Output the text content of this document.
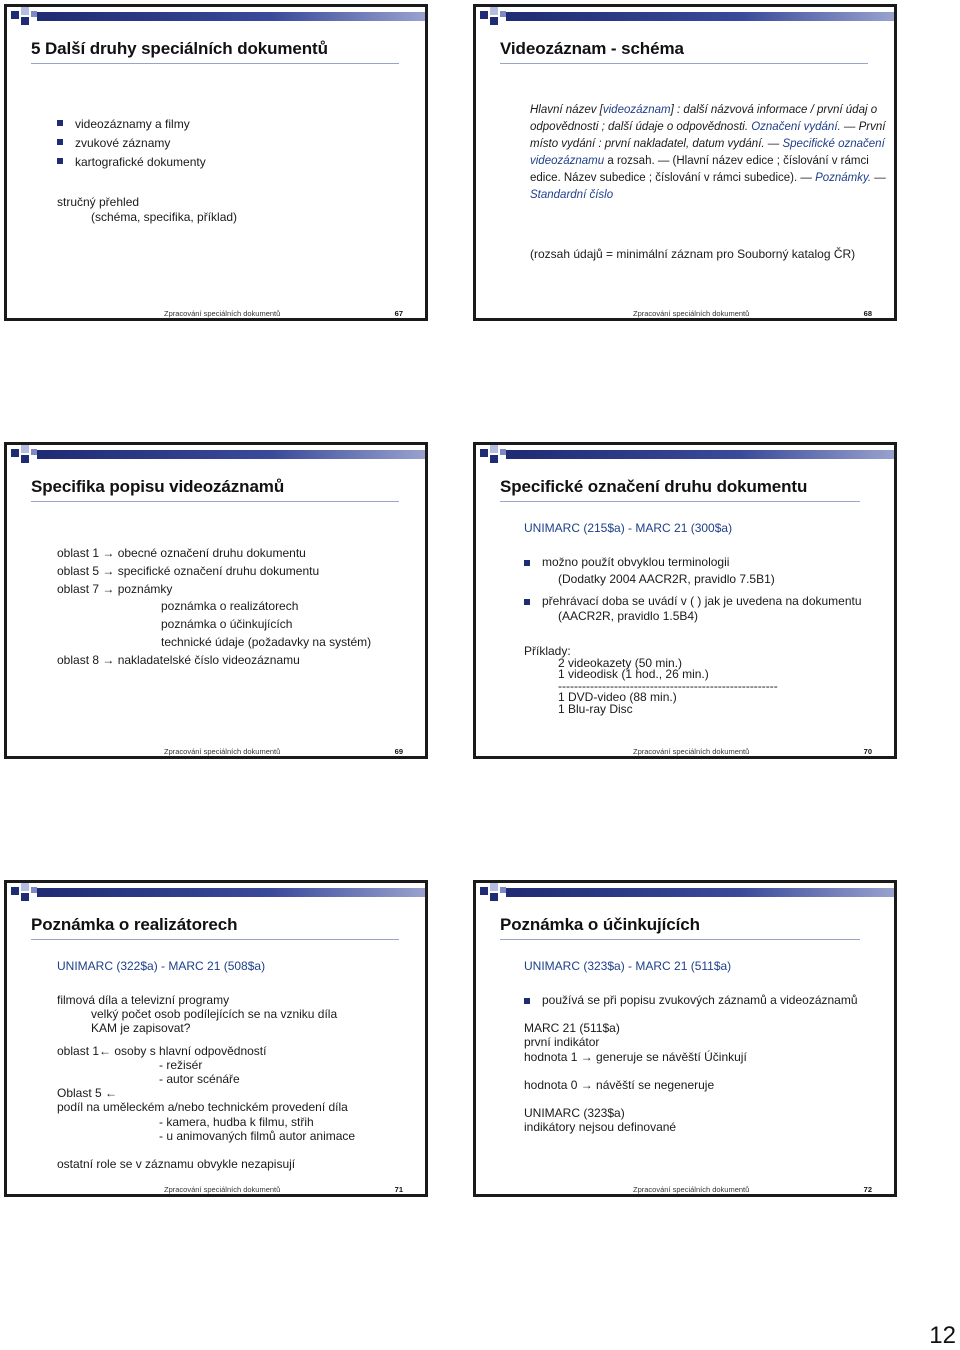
5 Další druhy speciálních dokumentů
videozáznamy a filmy
zvukové záznamy
kartografické dokumenty
stručný přehled
(schéma, specifika, příklad)
Zpracování speciálních dokumentů	67
Videozáznam - schéma
Hlavní název [videozáznam] : další názvová informace / první údaj o odpovědnosti ; další údaje o odpovědnosti. Označení vydání. — První místo vydání : první nakladatel, datum vydání. — Specifické označení videozáznamu a rozsah. — (Hlavní název edice ; číslování v rámci edice. Název subedice ; číslování v rámci subedice). — Poznámky. — Standardní číslo
(rozsah údajů = minimální záznam pro Souborný katalog ČR)
Zpracování speciálních dokumentů	68
Specifika popisu videozáznamů
oblast 1 → obecné označení druhu dokumentu
oblast 5 → specifické označení druhu dokumentu
oblast 7 → poznámky
poznámka o realizátorech
poznámka o účinkujících
technické údaje (požadavky na systém)
oblast 8 → nakladatelské číslo videozáznamu
Zpracování speciálních dokumentů	69
Specifické označení druhu dokumentu
UNIMARC (215$a) - MARC 21 (300$a)
možno použít obvyklou terminologii
(Dodatky 2004 AACR2R, pravidlo 7.5B1)
přehrávací doba se uvádí v ( ) jak je uvedena na dokumentu
(AACR2R, pravidlo 1.5B4)
Příklady:
2 videokazety (50 min.)
1 videodisk (1 hod., 26 min.)
-------------------------------------------------------
1 DVD-video (88 min.)
1 Blu-ray Disc
Zpracování speciálních dokumentů	70
Poznámka o realizátorech
UNIMARC (322$a) - MARC 21 (508$a)
filmová díla a televizní programy
velký počet osob podílejících se na vzniku díla
KAM je zapisovat?
oblast 1← osoby s hlavní odpovědností
- režisér
- autor scénáře
Oblast 5 ←
podíl na uměleckém a/nebo technickém provedení díla
- kamera, hudba k filmu, střih
- u animovaných filmů autor animace
ostatní role se v záznamu obvykle nezapisují
Zpracování speciálních dokumentů	71
Poznámka o účinkujících
UNIMARC (323$a) - MARC 21 (511$a)
používá se při popisu zvukových záznamů a videozáznamů
MARC 21 (511$a)
první indikátor
hodnota 1 → generuje se návěští Účinkují
hodnota 0 → návěští se negeneruje
UNIMARC (323$a)
indikátory nejsou definované
Zpracování speciálních dokumentů	72
12
